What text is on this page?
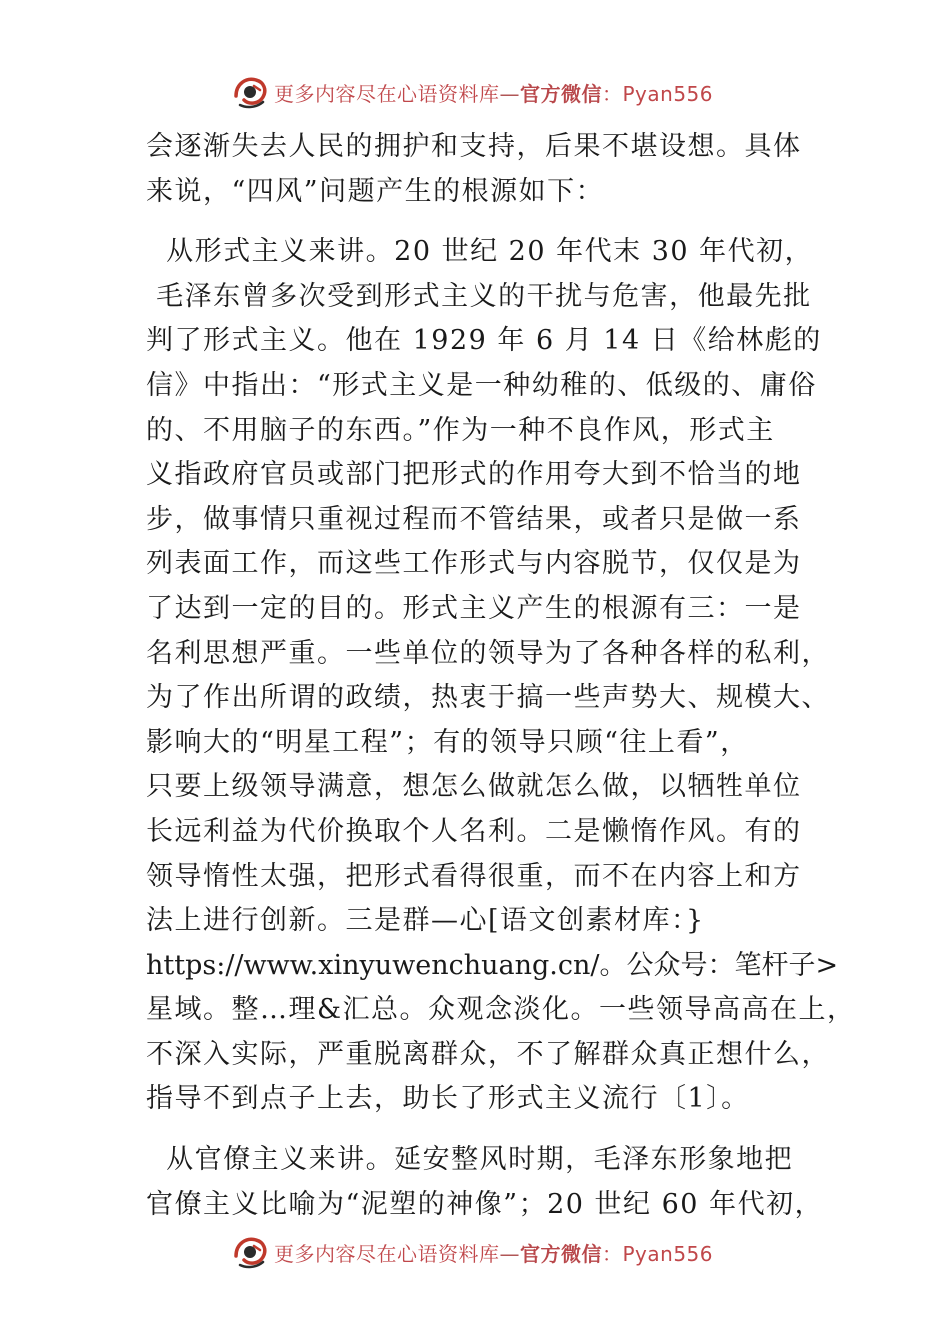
更多内容尽在心语资料库—官方微信：Pyan556
会逐渐失去人民的拥护和支持，后果不堪设想。具体
来说，“四风”问题产生的根源如下：
从形式主义来讲。20 世纪 20 年代末 30 年代初，
毛泽东曾多次受到形式主义的干扰与危害，他最先批
判了形式主义。他在 1929 年 6 月 14 日《给林彪的
信》中指出：“形式主义是一种幼稚的、低级的、庸俗
的、不用脑子的东西。”作为一种不良作风，形式主
义指政府官员或部门把形式的作用夸大到不恰当的地
步，做事情只重视过程而不管结果，或者只是做一系
列表面工作，而这些工作形式与内容脱节，仅仅是为
了达到一定的目的。形式主义产生的根源有三：一是
名利思想严重。一些单位的领导为了各种各样的私利，
为了作出所谓的政绩，热衷于搞一些声势大、规模大、
影响大的“明星工程”；有的领导只顾“往上看”，
只要上级领导满意，想怎么做就怎么做，以牺牲单位
长远利益为代价换取个人名利。二是懒惰作风。有的
领导惰性太强，把形式看得很重，而不在内容上和方
法上进行创新。三是群—心[语文创素材库：}
https://www.xinyuwenchuang.cn/。公众号：笔杆子>
星域。整…理&汇总。众观念淡化。一些领导高高在上，
不深入实际，严重脱离群众，不了解群众真正想什么，
指导不到点子上去，助长了形式主义流行〔1〕。
从官僚主义来讲。延安整风时期，毛泽东形象地把
官僚主义比喻为“泥塑的神像”；20 世纪 60 年代初，
更多内容尽在心语资料库—官方微信：Pyan556
